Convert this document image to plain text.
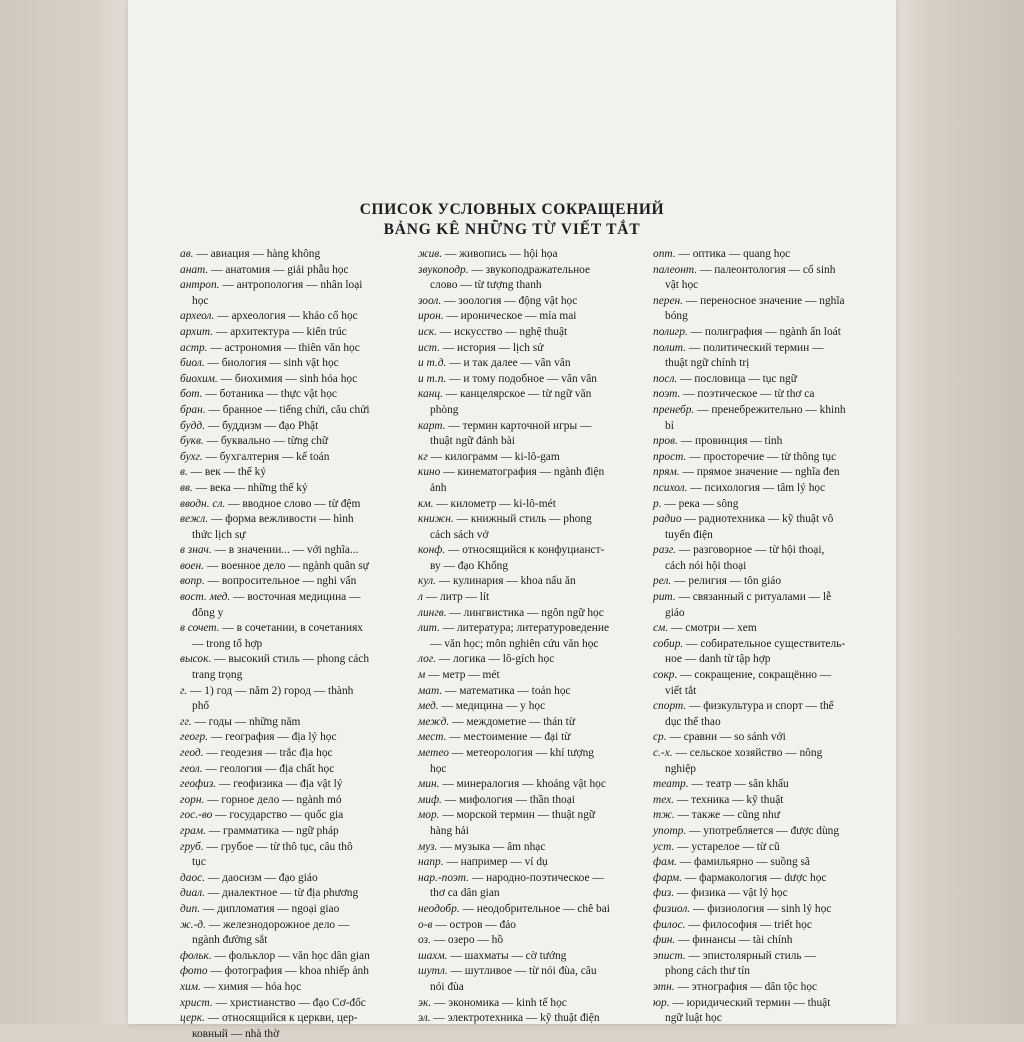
СПИСОК УСЛОВНЫХ СОКРАЩЕНИЙ
BẢNG KÊ NHỮNG TỪ VIẾT TẮT
ав. — авиация — hàng không
анат. — анатомия — giải phẫu học
антроп. — антропология — nhân loại
học
археол. — археология — khảo cổ học
архит. — архитектура — kiến trúc
астр. — астрономия — thiên văn học
биол. — биология — sinh vật học
биохим. — биохимия — sinh hóa học
бот. — ботаника — thực vật học
бран. — бранное — tiếng chửi, câu chửi
будд. — буддизм — đạo Phật
букв. — буквально — từng chữ
бухг. — бухгалтерия — kế toán
в. — век — thế kỷ
вв. — века — những thế kỷ
вводн. сл. — вводное слово — từ đệm
вежл. — форма вежливости — hình
thức lịch sự
в знач. — в значении... — với nghĩa...
воен. — военное дело — ngành quân sự
вопр. — вопросительное — nghi vấn
вост. мед. — восточная медицина —
đông y
в сочет. — в сочетании, в сочетаниях
— trong tổ hợp
высок. — высокий стиль — phong cách
trang trọng
г. — 1) год — năm 2) город — thành
phố
гг. — годы — những năm
геогр. — география — địa lý học
геод. — геодезия — trắc địa học
геол. — геология — địa chất học
геофиз. — геофизика — địa vật lý
горн. — горное дело — ngành mỏ
гос.-во — государство — quốc gia
грам. — грамматика — ngữ pháp
груб. — грубое — từ thô tục, câu thô
tục
даос. — даосизм — đạo giáo
диал. — диалектное — từ địa phương
дип. — дипломатия — ngoại giao
ж.-д. — железнодорожное дело —
ngành đường sắt
фольк. — фольклор — văn học dân gian
фото — фотография — khoa nhiếp ảnh
хим. — химия — hóa học
христ. — христианство — đạo Cơ-đốc
церк. — относящийся к церкви, цер-
ковный — nhà thờ
жив. — живопись — hội họa
звукоподр. — звукоподражательное
слово — từ tượng thanh
зоол. — зоология — động vật học
ирон. — ироническое — mỉa mai
иск. — искусство — nghệ thuật
ист. — история — lịch sử
и т.д. — и так далее — vân vân
и т.п. — и тому подобное — vân vân
канц. — канцелярское — từ ngữ văn
phòng
карт. — термин карточной игры —
thuật ngữ đánh bài
кг — килограмм — ki-lô-gam
кино — кинематография — ngành điện
ảnh
км. — километр — ki-lô-mét
книжн. — книжный стиль — phong
cách sách vở
конф. — относящийся к конфуцианст-
ву — đạo Khổng
кул. — кулинария — khoa nấu ăn
л — литр — lít
лингв. — лингвистика — ngôn ngữ học
лит. — литература; литературоведение
— văn học; môn nghiên cứu văn học
лог. — логика — lô-gích học
м — метр — mét
мат. — математика — toán học
мед. — медицина — y học
межд. — междометие — thán từ
мест. — местоимение — đại từ
метео — метеорология — khí tượng
học
мин. — минералогия — khoáng vật học
миф. — мифология — thần thoại
мор. — морской термин — thuật ngữ
hàng hải
муз. — музыка — âm nhạc
напр. — например — ví dụ
нар.-поэт. — народно-поэтическое —
thơ ca dân gian
неодобр. — неодобрительное — chê bai
о-в — остров — đảo
оз. — озеро — hồ
шахм. — шахматы — cờ tướng
шутл. — шутливое — từ nói đùa, câu
nói đùa
эк. — экономика — kinh tế học
эл. — электротехника — kỹ thuật điện
опт. — оптика — quang học
палеонт. — палеонтология — cổ sinh
vật học
перен. — переносное значение — nghĩa
bóng
полигр. — полиграфия — ngành ấn loát
полит. — политический термин —
thuật ngữ chính trị
посл. — пословица — tục ngữ
поэт. — поэтическое — từ thơ ca
пренебр. — пренебрежительно — khinh
bỉ
пров. — провинция — tỉnh
прост. — просторечие — từ thông tục
прям. — прямое значение — nghĩa đen
психол. — психология — tâm lý học
р. — река — sông
радио — радиотехника — kỹ thuật vô
tuyến điện
разг. — разговорное — từ hội thoại,
cách nói hội thoại
рел. — религия — tôn giáo
рит. — связанный с ритуалами — lễ
giáo
см. — смотри — xem
собир. — собирательное существитель-
ное — danh từ tập hợp
сокр. — сокращение, сокращённо —
viết tắt
спорт. — физкультура и спорт — thể
dục thể thao
ср. — сравни — so sánh với
с.-х. — сельское хозяйство — nông
nghiệp
театр. — театр — sân khấu
тех. — техника — kỹ thuật
тж. — также — cũng như
употр. — употребляется — được dùng
уст. — устарелое — từ cũ
фам. — фамильярно — suồng sã
фарм. — фармакология — dược học
физ. — физика — vật lý học
физиол. — физиология — sinh lý học
филос. — философия — triết học
фин. — финансы — tài chính
эпист. — эпистолярный стиль —
phong cách thư tín
этн. — этнография — dân tộc học
юр. — юридический термин — thuật
ngữ luật học
